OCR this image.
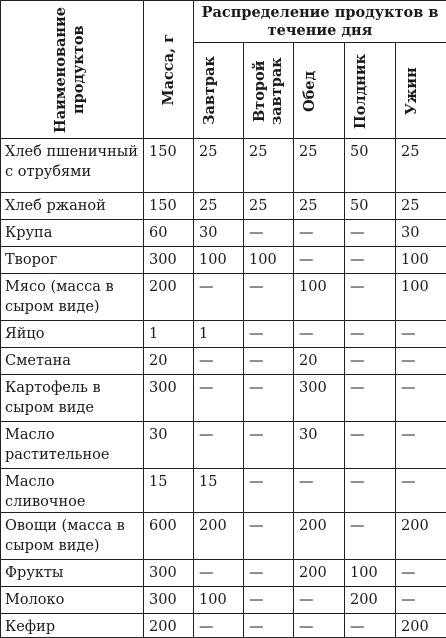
Наименование продуктов	Масса, г	Распределение продуктов в течение дня				

		Завтрак	Второй завтрак	Обед	Полдник	Ужин

Хлеб пшеничный с отрубями	150	25	25	25	50	25
Хлеб ржаной	150	25	25	25	50	25
Крупа	60	30	—	—	—	30
Творог	300	100	100	—	—	100
Мясо (масса в сыром виде)	200	—	—	100	—	100
Яйцо	1	1	—	—	—	—
Сметана	20	—	—	20	—	—
Картофель в сыром виде	300	—	—	300	—	—
Масло растительное	30	—	—	30	—	—
Масло сливочное	15	15	—	—	—	—
Овощи (масса в сыром виде)	600	200	—	200	—	200
Фрукты	300	—	—	200	100	—
Молоко	300	100	—	—	200	—
Кефир	200	—	—	—	—	200
